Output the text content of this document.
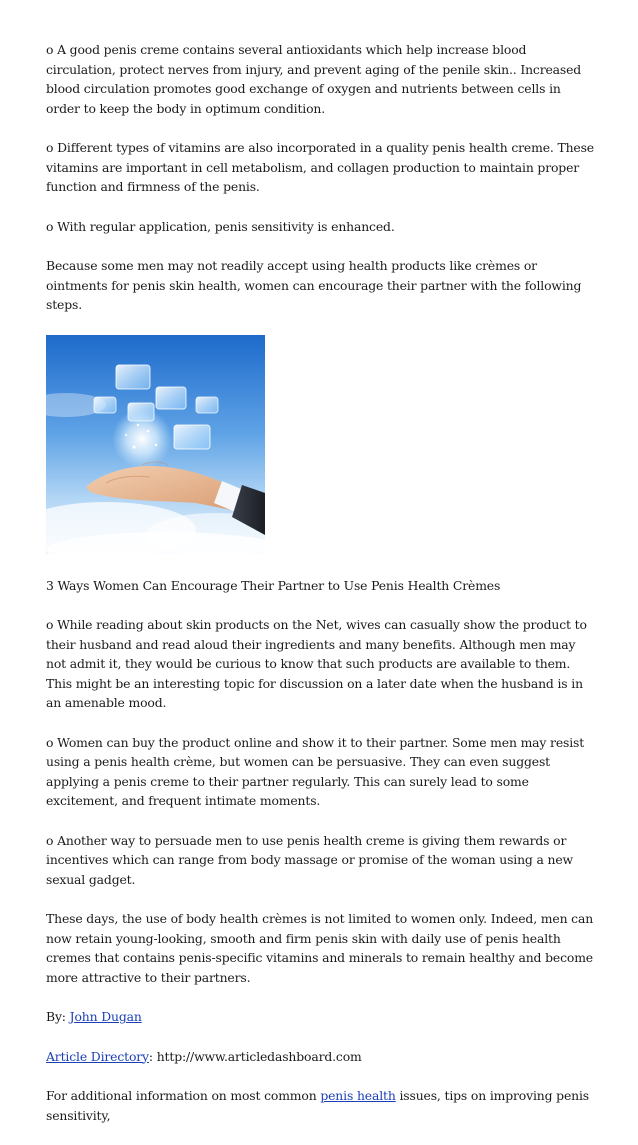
o A good penis creme contains several antioxidants which help increase blood circulation, protect nerves from injury, and prevent aging of the penile skin.. Increased blood circulation promotes good exchange of oxygen and nutrients between cells in order to keep the body in optimum condition.

o Different types of vitamins are also incorporated in a quality penis health creme. These vitamins are important in cell metabolism, and collagen production to maintain proper function and firmness of the penis.

o With regular application, penis sensitivity is enhanced.

Because some men may not readily accept using health products like crèmes or ointments for penis skin health, women can encourage their partner with the following steps.

3 Ways Women Can Encourage Their Partner to Use Penis Health Crèmes

o While reading about skin products on the Net, wives can casually show the product to their husband and read aloud their ingredients and many benefits. Although men may not admit it, they would be curious to know that such products are available to them. This might be an interesting topic for discussion on a later date when the husband is in an amenable mood.

o Women can buy the product online and show it to their partner. Some men may resist using a penis health crème, but women can be persuasive. They can even suggest applying a penis creme to their partner regularly. This can surely lead to some excitement, and frequent intimate moments.

o Another way to persuade men to use penis health creme is giving them rewards or incentives which can range from body massage or promise of the woman using a new sexual gadget.

These days, the use of body health crèmes is not limited to women only. Indeed, men can now retain young-looking, smooth and firm penis skin with daily use of penis health cremes that contains penis-specific vitamins and minerals to remain healthy and become more attractive to their partners.

By: John Dugan

Article Directory: http://www.articledashboard.com

For additional information on most common penis health issues, tips on improving penis sensitivity,
